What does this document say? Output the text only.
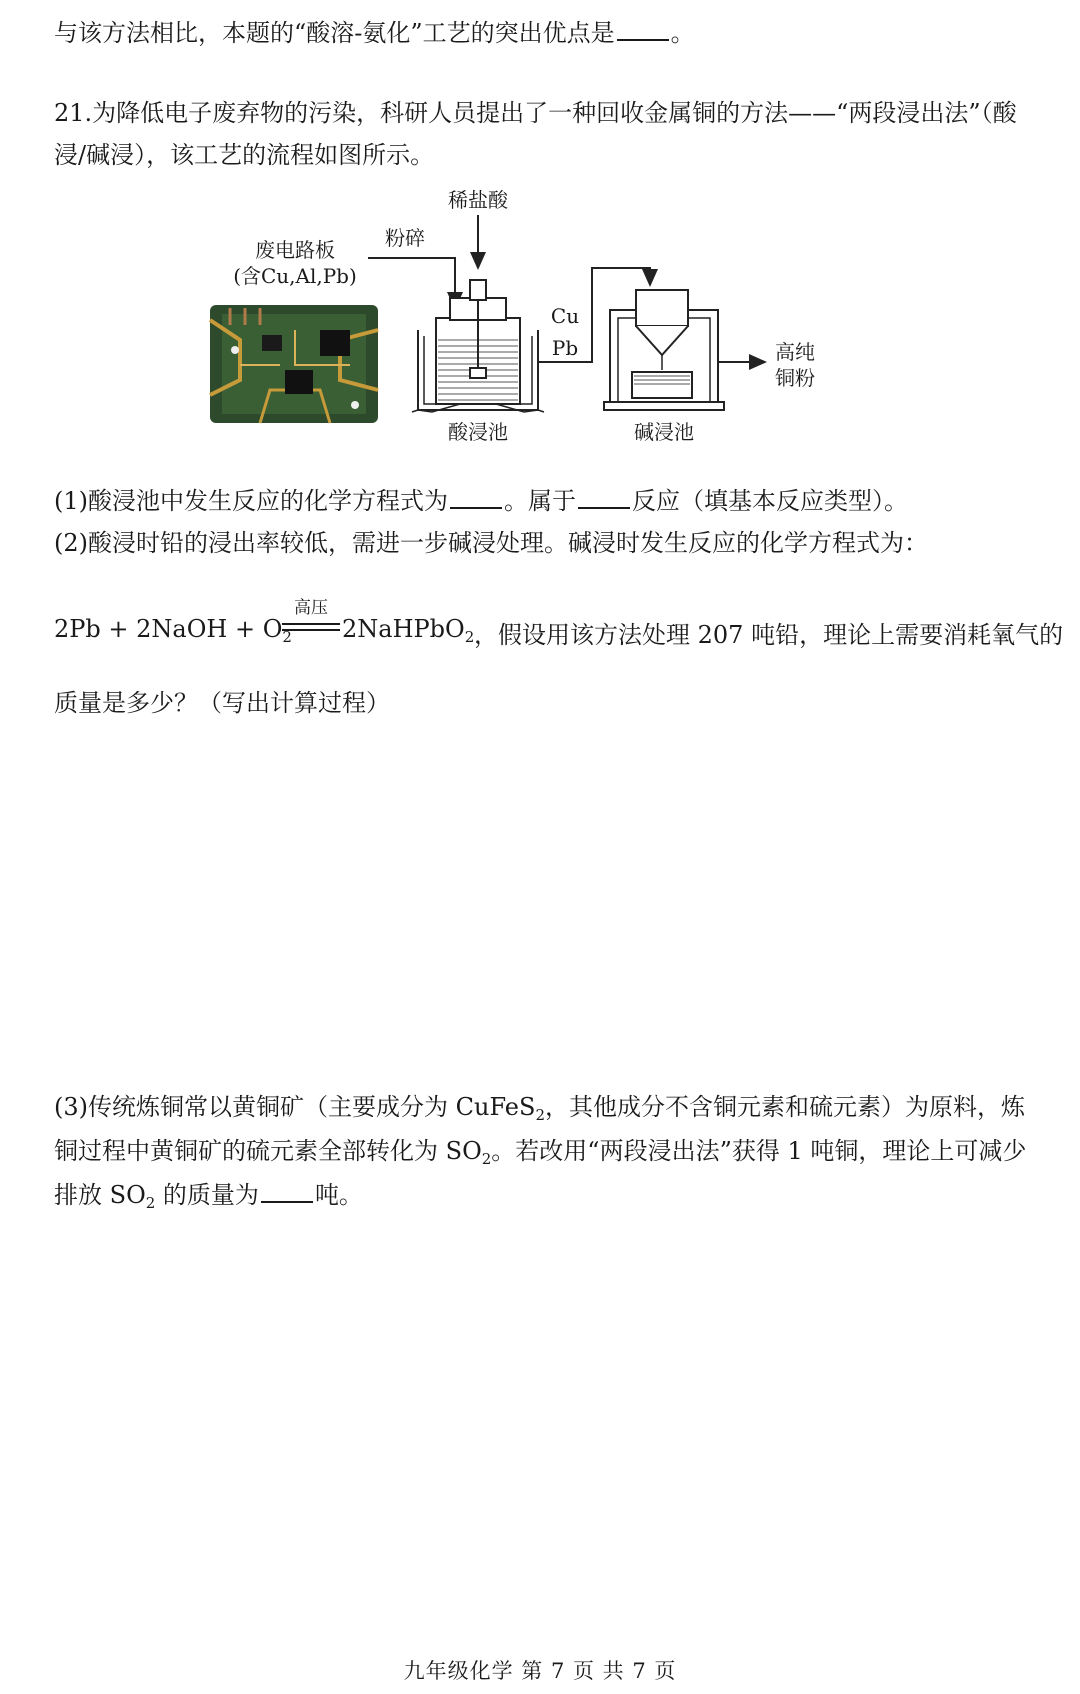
与该方法相比，本题的“酸溶-氨化”工艺的突出优点是 。
21.为降低电子废弃物的污染，科研人员提出了一种回收金属铜的方法——“两段浸出法”（酸
浸/碱浸），该工艺的流程如图所示。
稀盐酸
粉碎
废电路板
(含Cu,Al,Pb)
Cu
Pb	高纯
铜粉
酸浸池	碱浸池
(1)酸浸池中发生反应的化学方程式为 。属于 反应（填基本反应类型）。
(2)酸浸时铅的浸出率较低，需进一步碱浸处理。碱浸时发生反应的化学方程式为：
2Pb + 2NaOH + $O_2$
高压
2NaHPbO$_2$ ，假设用该方法处理 207 吨铅，理论上需要消耗氧气的
质量是多少？（写出计算过程）
(3)传统炼铜常以黄铜矿（主要成分为 CuFeS$_2$，其他成分不含铜元素和硫元素）为原料，炼
铜过程中黄铜矿的硫元素全部转化为 $SO_2$。若改用“两段浸出法”获得 1 吨铜，理论上可减少
排放 $SO_2$ 的质量为 吨。
九年级化学 第 7 页 共 7 页
